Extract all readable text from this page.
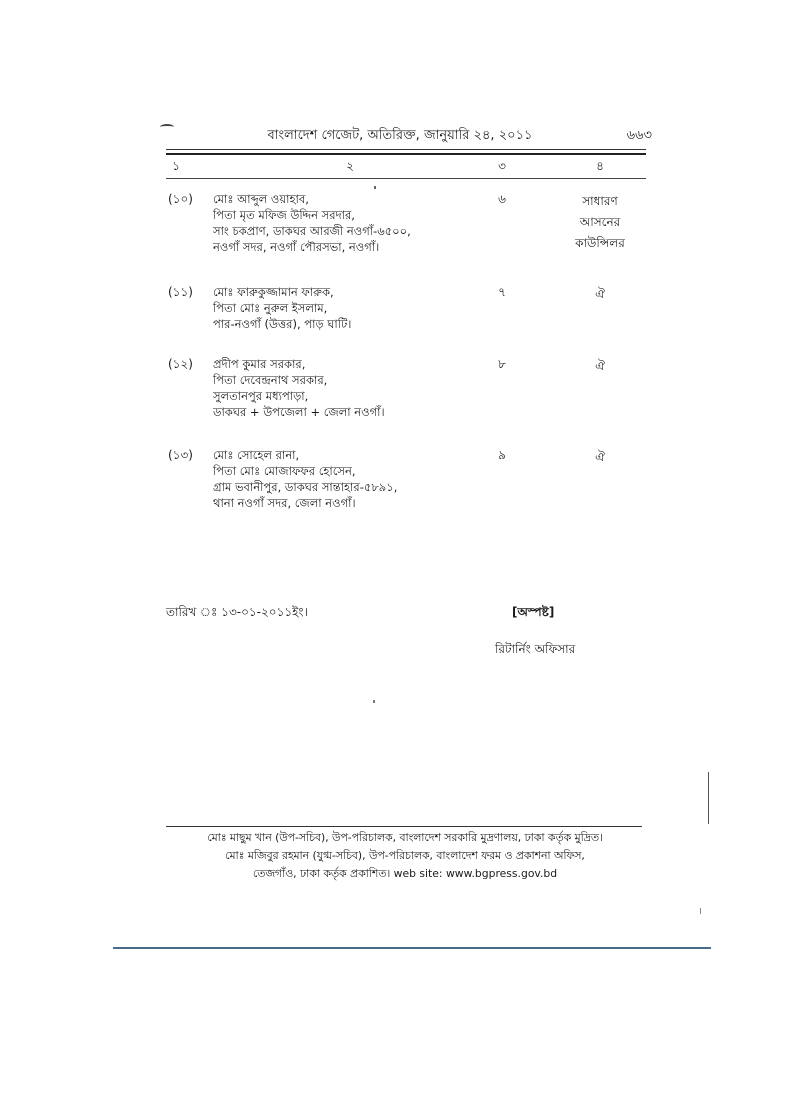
বাংলাদেশ গেজেট, অতিরিক্ত, জানুয়ারি ২৪, ২০১১	৬৬৩
১	২	৩	৪
(১০) মোঃ আব্দুল ওয়াহাব,
পিতা মৃত মফিজ উদ্দিন সরদার,
সাং চকপ্রাণ, ডাকঘর আরজী নওগাঁ-৬৫০০,
নওগাঁ সদর, নওগাঁ পৌরসভা, নওগাঁ।
৬	সাধারণ
আসনের
কাউন্সিলর
(১১) মোঃ ফারুকুজ্জামান ফারুক,
পিতা মোঃ নুরুল ইসলাম,
পার-নওগাঁ (উত্তর), পাড় ঘাটি।
৭	ঐ
(১২) প্রদীপ কুমার সরকার,
পিতা দেবেন্দ্রনাথ সরকার,
সুলতানপুর মধ্যপাড়া,
ডাকঘর + উপজেলা + জেলা নওগাঁ।
৮	ঐ
(১৩) মোঃ সোহেল রানা,
পিতা মোঃ মোজাফফর হোসেন,
গ্রাম ভবানীপুর, ডাকঘর সান্তাহার-৫৮৯১,
থানা নওগাঁ সদর, জেলা নওগাঁ।
৯	ঐ
তারিখ ঃ ১৩-০১-২০১১ইং।	[অস্পষ্ট]
রিটার্নিং অফিসার
মোঃ মাছুম খান (উপ-সচিব), উপ-পরিচালক, বাংলাদেশ সরকারি মুদ্রণালয়, ঢাকা কর্তৃক মুদ্রিত।
মোঃ মজিবুর রহমান (যুগ্ম-সচিব), উপ-পরিচালক, বাংলাদেশ ফরম ও প্রকাশনা অফিস,
তেজগাঁও, ঢাকা কর্তৃক প্রকাশিত। web site: www.bgpress.gov.bd
